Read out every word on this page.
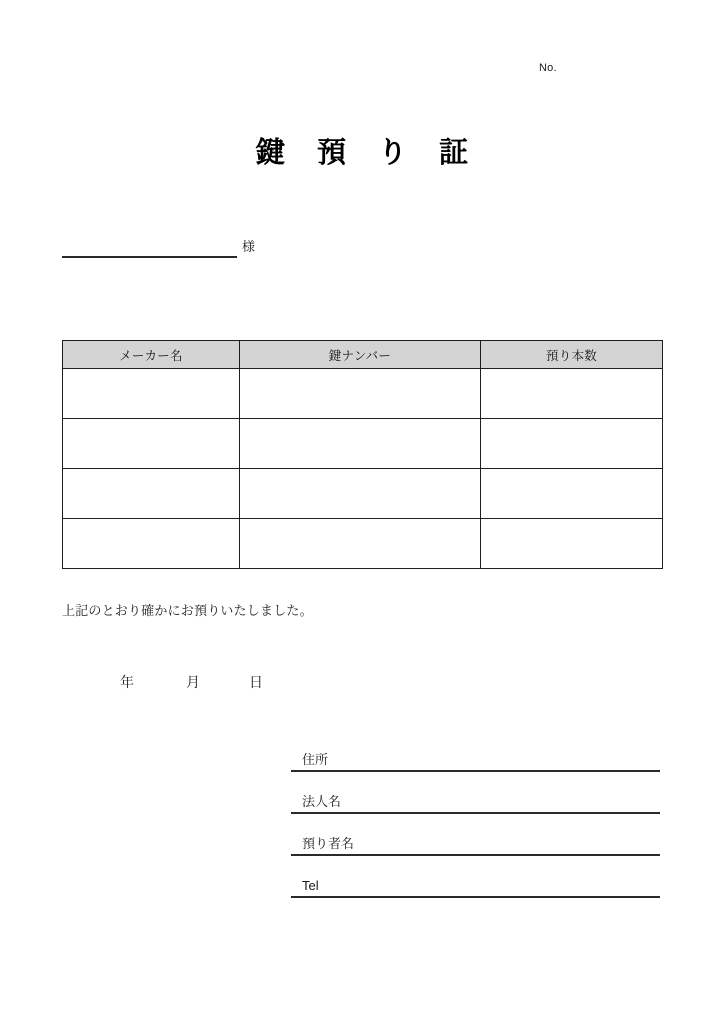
No.
鍵 預 り 証
様
メーカー名	鍵ナンバー	預り本数

上記のとおり確かにお預りいたしました。
年	月	日
住所
法人名
預り者名
Tel
